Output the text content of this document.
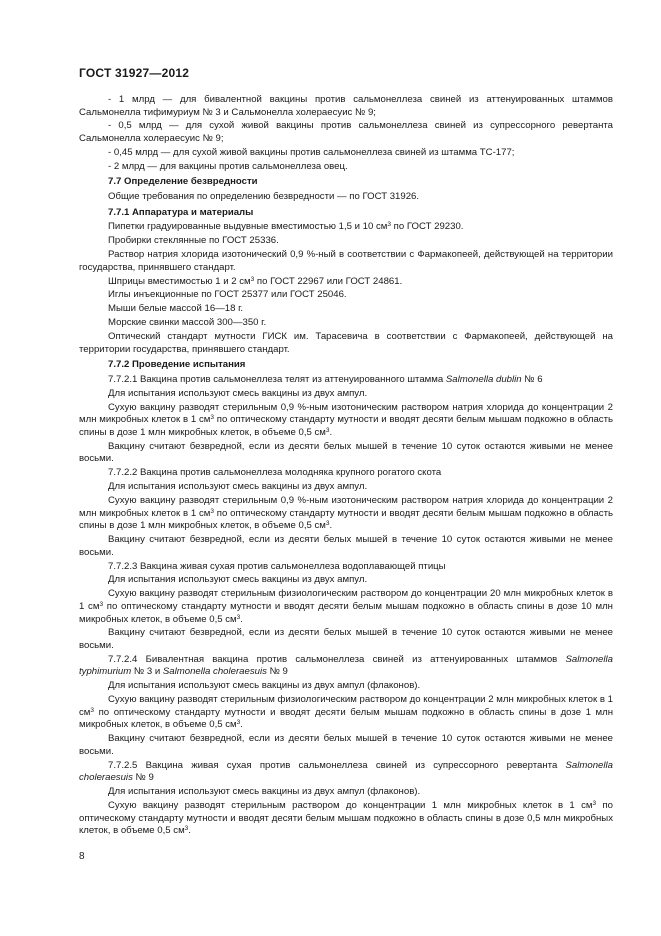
ГОСТ 31927—2012

- 1 млрд — для бивалентной вакцины против сальмонеллеза свиней из аттенуированных штаммов Сальмонелла тифимуриум № 3 и Сальмонелла холераесуис № 9;

- 0,5 млрд — для сухой живой вакцины против сальмонеллеза свиней из супрессорного ревертанта Сальмонелла холераесуис № 9;

- 0,45 млрд — для сухой живой вакцины против сальмонеллеза свиней из штамма ТС-177;

- 2 млрд — для вакцины против сальмонеллеза овец.

7.7 Определение безвредности

Общие требования по определению безвредности — по ГОСТ 31926.

7.7.1 Аппаратура и материалы

Пипетки градуированные выдувные вместимостью 1,5 и 10 $см^3$ по ГОСТ 29230.

Пробирки стеклянные по ГОСТ 25336.

Раствор натрия хлорида изотонический 0,9 %-ный в соответствии с Фармакопеей, действующей на территории государства, принявшего стандарт.

Шприцы вместимостью 1 и 2 $см^3$ по ГОСТ 22967 или ГОСТ 24861.

Иглы инъекционные по ГОСТ 25377 или ГОСТ 25046.

Мыши белые массой 16—18 г.

Морские свинки массой 300—350 г.

Оптический стандарт мутности ГИСК им. Тарасевича в соответствии с Фармакопеей, действующей на территории государства, принявшего стандарт.

7.7.2 Проведение испытания

7.7.2.1 Вакцина против сальмонеллеза телят из аттенуированного штамма Salmonella dublin № 6

Для испытания используют смесь вакцины из двух ампул.

Сухую вакцину разводят стерильным 0,9 %-ным изотоническим раствором натрия хлорида до концентрации 2 млн микробных клеток в 1 $см^3$ по оптическому стандарту мутности и вводят десяти белым мышам подкожно в область спины в дозе 1 млн микробных клеток, в объеме 0,5 $см^3$.

Вакцину считают безвредной, если из десяти белых мышей в течение 10 суток остаются живыми не менее восьми.

7.7.2.2 Вакцина против сальмонеллеза молодняка крупного рогатого скота

Для испытания используют смесь вакцины из двух ампул.

Сухую вакцину разводят стерильным 0,9 %-ным изотоническим раствором натрия хлорида до концентрации 2 млн микробных клеток в 1 $см^3$ по оптическому стандарту мутности и вводят десяти белым мышам подкожно в область спины в дозе 1 млн микробных клеток, в объеме 0,5 $см^3$.

Вакцину считают безвредной, если из десяти белых мышей в течение 10 суток остаются живыми не менее восьми.

7.7.2.3 Вакцина живая сухая против сальмонеллеза водоплавающей птицы

Для испытания используют смесь вакцины из двух ампул.

Сухую вакцину разводят стерильным физиологическим раствором до концентрации 20 млн микробных клеток в 1 $см^3$ по оптическому стандарту мутности и вводят десяти белым мышам подкожно в область спины в дозе 10 млн микробных клеток, в объеме 0,5 $см^3$.

Вакцину считают безвредной, если из десяти белых мышей в течение 10 суток остаются живыми не менее восьми.

7.7.2.4 Бивалентная вакцина против сальмонеллеза свиней из аттенуированных штаммов Salmonella typhimurium № 3 и Salmonella choleraesuis № 9

Для испытания используют смесь вакцины из двух ампул (флаконов).

Сухую вакцину разводят стерильным физиологическим раствором до концентрации 2 млн микробных клеток в 1 $см^3$ по оптическому стандарту мутности и вводят десяти белым мышам подкожно в область спины в дозе 1 млн микробных клеток, в объеме 0,5 $см^3$.

Вакцину считают безвредной, если из десяти белых мышей в течение 10 суток остаются живыми не менее восьми.

7.7.2.5 Вакцина живая сухая против сальмонеллеза свиней из супрессорного ревертанта Salmonella choleraesuis № 9

Для испытания используют смесь вакцины из двух ампул (флаконов).

Сухую вакцину разводят стерильным раствором до концентрации 1 млн микробных клеток в 1 $см^3$ по оптическому стандарту мутности и вводят десяти белым мышам подкожно в область спины в дозе 0,5 млн микробных клеток, в объеме 0,5 $см^3$.

8
